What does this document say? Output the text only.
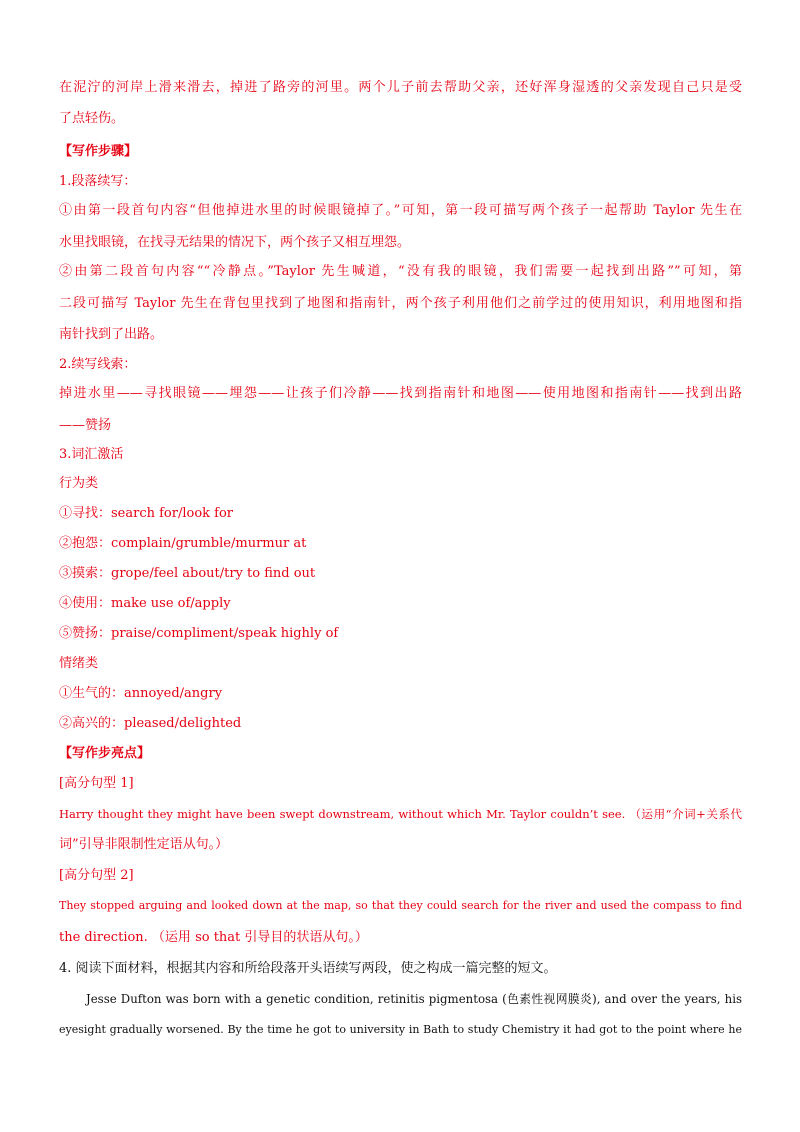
在泥泞的河岸上滑来滑去，掉进了路旁的河里。两个儿子前去帮助父亲，还好浑身湿透的父亲发现自己只是受
了点轻伤。
【写作步骤】
1.段落续写：
①由第一段首句内容“但他掉进水里的时候眼镜掉了。”可知，第一段可描写两个孩子一起帮助 Taylor 先生在
水里找眼镜，在找寻无结果的情况下，两个孩子又相互埋怨。
②由第二段首句内容““冷静点。”Taylor 先生喊道，“没有我的眼镜，我们需要一起找到出路””可知，第
二段可描写 Taylor 先生在背包里找到了地图和指南针，两个孩子利用他们之前学过的使用知识，利用地图和指
南针找到了出路。
2.续写线索：
掉进水里——寻找眼镜——埋怨——让孩子们冷静——找到指南针和地图——使用地图和指南针——找到出路
——赞扬
3.词汇激活
行为类
①寻找：search for/look for
②抱怨：complain/grumble/murmur at
③摸索：grope/feel about/try to find out
④使用：make use of/apply
⑤赞扬：praise/compliment/speak highly of
情绪类
①生气的：annoyed/angry
②高兴的：pleased/delighted
【写作步亮点】
[高分句型 1]
Harry thought they might have been swept downstream, without which Mr. Taylor couldn’t see. （运用“介词+关系代
词”引导非限制性定语从句。）
[高分句型 2]
They stopped arguing and looked down at the map, so that they could search for the river and used the compass to find
the direction. （运用 so that 引导目的状语从句。）
4. 阅读下面材料，根据其内容和所给段落开头语续写两段，使之构成一篇完整的短文。
Jesse Dufton was born with a genetic condition, retinitis pigmentosa (色素性视网膜炎), and over the years, his
eyesight gradually worsened. By the time he got to university in Bath to study Chemistry it had got to the point where he
